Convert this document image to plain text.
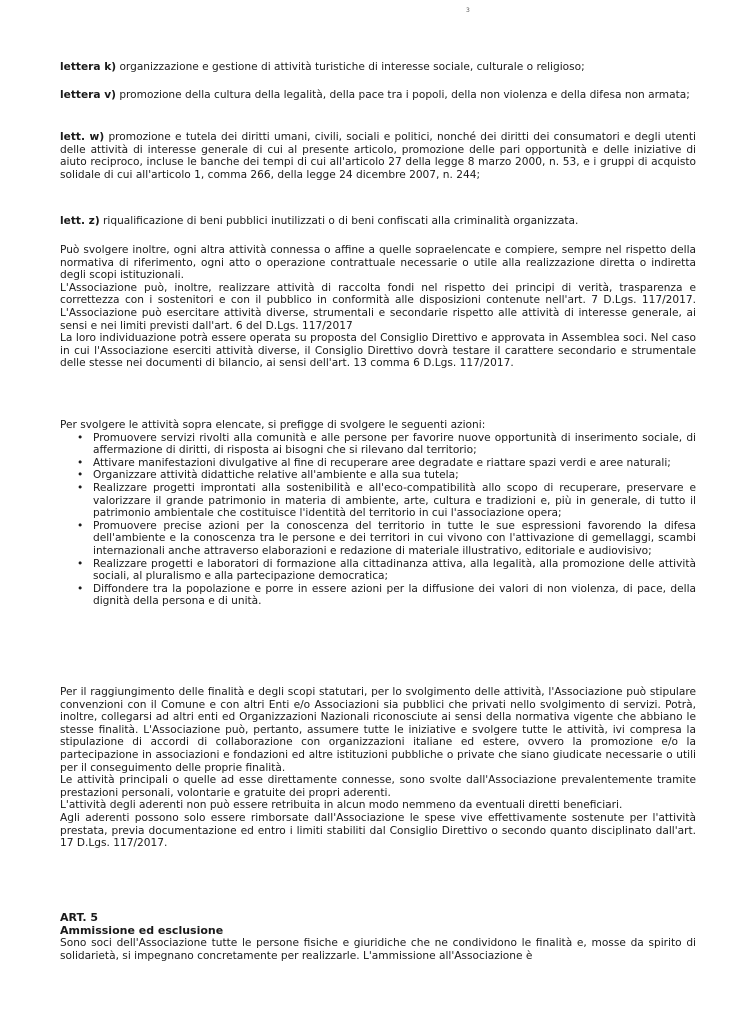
3

lettera k) organizzazione e gestione di attività turistiche di interesse sociale, culturale o religioso;

lettera v) promozione della cultura della legalità, della pace tra i popoli, della non violenza e della difesa non armata;

lett. w) promozione e tutela dei diritti umani, civili, sociali e politici, nonché dei diritti dei consumatori e degli utenti delle attività di interesse generale di cui al presente articolo, promozione delle pari opportunità e delle iniziative di aiuto reciproco, incluse le banche dei tempi di cui all'articolo 27 della legge 8 marzo 2000, n. 53, e i gruppi di acquisto solidale di cui all'articolo 1, comma 266, della legge 24 dicembre 2007, n. 244;

lett. z) riqualificazione di beni pubblici inutilizzati o di beni confiscati alla criminalità organizzata.

Può svolgere inoltre, ogni altra attività connessa o affine a quelle sopraelencate e compiere, sempre nel rispetto della normativa di riferimento, ogni atto o operazione contrattuale necessarie o utile alla realizzazione diretta o indiretta degli scopi istituzionali.

L'Associazione può, inoltre, realizzare attività di raccolta fondi nel rispetto dei principi di verità, trasparenza e correttezza con i sostenitori e con il pubblico in conformità alle disposizioni contenute nell'art. 7 D.Lgs. 117/2017. L'Associazione può esercitare attività diverse, strumentali e secondarie rispetto alle attività di interesse generale, ai sensi e nei limiti previsti dall'art. 6 del D.Lgs. 117/2017

La loro individuazione potrà essere operata su proposta del Consiglio Direttivo e approvata in Assemblea soci. Nel caso in cui l'Associazione eserciti attività diverse, il Consiglio Direttivo dovrà testare il carattere secondario e strumentale delle stesse nei documenti di bilancio, ai sensi dell'art. 13 comma 6 D.Lgs. 117/2017.

Per svolgere le attività sopra elencate, si prefigge di svolgere le seguenti azioni:

• Promuovere servizi rivolti alla comunità e alle persone per favorire nuove opportunità di inserimento sociale, di affermazione di diritti, di risposta ai bisogni che si rilevano dal territorio;
• Attivare manifestazioni divulgative al fine di recuperare aree degradate e riattare spazi verdi e aree naturali;
• Organizzare attività didattiche relative all'ambiente e alla sua tutela;
• Realizzare progetti improntati alla sostenibilità e all'eco-compatibilità allo scopo di recuperare, preservare e valorizzare il grande patrimonio in materia di ambiente, arte, cultura e tradizioni e, più in generale, di tutto il patrimonio ambientale che costituisce l'identità del territorio in cui l'associazione opera;
• Promuovere precise azioni per la conoscenza del territorio in tutte le sue espressioni favorendo la difesa dell'ambiente e la conoscenza tra le persone e dei territori in cui vivono con l'attivazione di gemellaggi, scambi internazionali anche attraverso elaborazioni e redazione di materiale illustrativo, editoriale e audiovisivo;
• Realizzare progetti e laboratori di formazione alla cittadinanza attiva, alla legalità, alla promozione delle attività sociali, al pluralismo e alla partecipazione democratica;
• Diffondere tra la popolazione e porre in essere azioni per la diffusione dei valori di non violenza, di pace, della dignità della persona e di unità.

Per il raggiungimento delle finalità e degli scopi statutari, per lo svolgimento delle attività, l'Associazione può stipulare convenzioni con il Comune e con altri Enti e/o Associazioni sia pubblici che privati nello svolgimento di servizi. Potrà, inoltre, collegarsi ad altri enti ed Organizzazioni Nazionali riconosciute ai sensi della normativa vigente che abbiano le stesse finalità. L'Associazione può, pertanto, assumere tutte le iniziative e svolgere tutte le attività, ivi compresa la stipulazione di accordi di collaborazione con organizzazioni italiane ed estere, ovvero la promozione e/o la partecipazione in associazioni e fondazioni ed altre istituzioni pubbliche o private che siano giudicate necessarie o utili per il conseguimento delle proprie finalità.

Le attività principali o quelle ad esse direttamente connesse, sono svolte dall'Associazione prevalentemente tramite prestazioni personali, volontarie e gratuite dei propri aderenti.

L'attività degli aderenti non può essere retribuita in alcun modo nemmeno da eventuali diretti beneficiari.

Agli aderenti possono solo essere rimborsate dall'Associazione le spese vive effettivamente sostenute per l'attività prestata, previa documentazione ed entro i limiti stabiliti dal Consiglio Direttivo o secondo quanto disciplinato dall'art. 17 D.Lgs. 117/2017.

ART. 5

Ammissione ed esclusione

Sono soci dell'Associazione tutte le persone fisiche e giuridiche che ne condividono le finalità e, mosse da spirito di solidarietà, si impegnano concretamente per realizzarle. L'ammissione all'Associazione è
